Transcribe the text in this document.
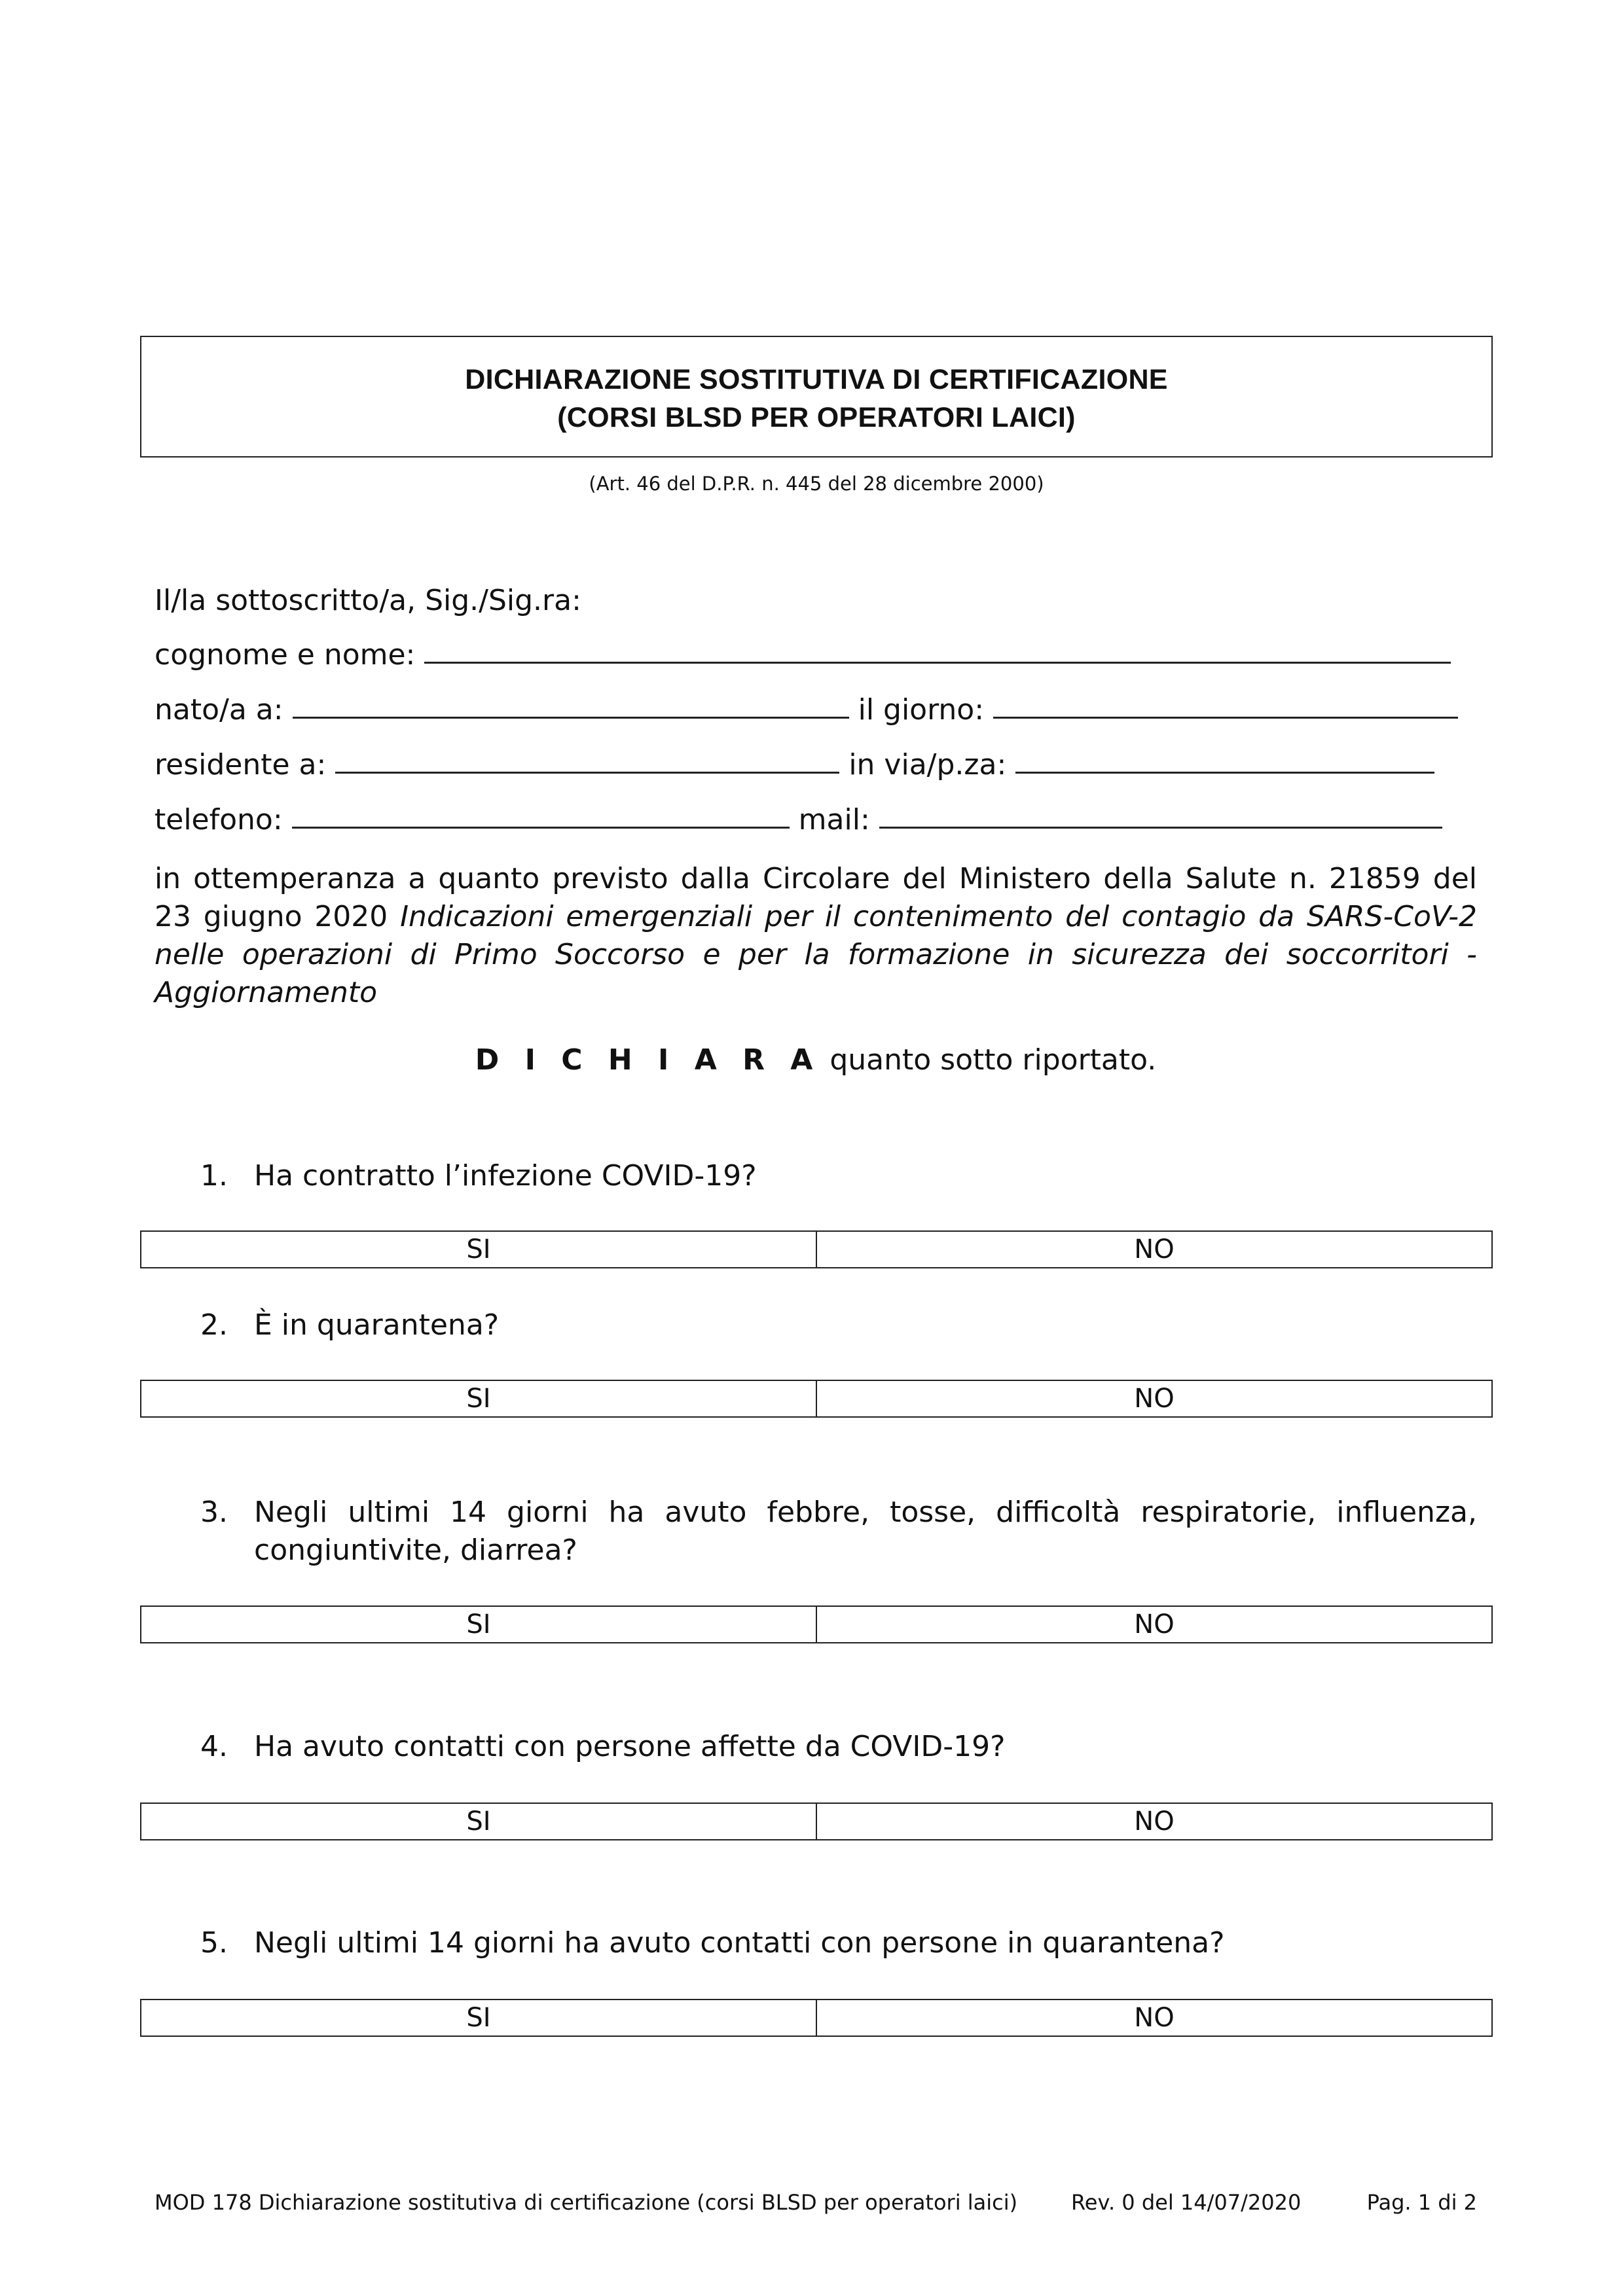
DICHIARAZIONE SOSTITUTIVA DI CERTIFICAZIONE
(CORSI BLSD PER OPERATORI LAICI)
(Art. 46 del D.P.R. n. 445 del 28 dicembre 2000)
Il/la sottoscritto/a, Sig./Sig.ra:
cognome e nome:
nato/a a:	il giorno:
residente a:	in via/p.za:
telefono:	mail:
in ottemperanza a quanto previsto dalla Circolare del Ministero della Salute n. 21859 del 23 giugno 2020 Indicazioni emergenziali per il contenimento del contagio da SARS-CoV-2 nelle operazioni di Primo Soccorso e per la formazione in sicurezza dei soccorritori - Aggiornamento
D I C H I A R A quanto sotto riportato.
1. Ha contratto l’infezione COVID-19?
SI	NO
2. È in quarantena?
SI	NO
3. Negli ultimi 14 giorni ha avuto febbre, tosse, difficoltà respiratorie, influenza, congiuntivite, diarrea?
SI	NO
4. Ha avuto contatti con persone affette da COVID-19?
SI	NO
5. Negli ultimi 14 giorni ha avuto contatti con persone in quarantena?
SI	NO
MOD 178 Dichiarazione sostitutiva di certificazione (corsi BLSD per operatori laici)	Rev. 0 del 14/07/2020	Pag. 1 di 2
